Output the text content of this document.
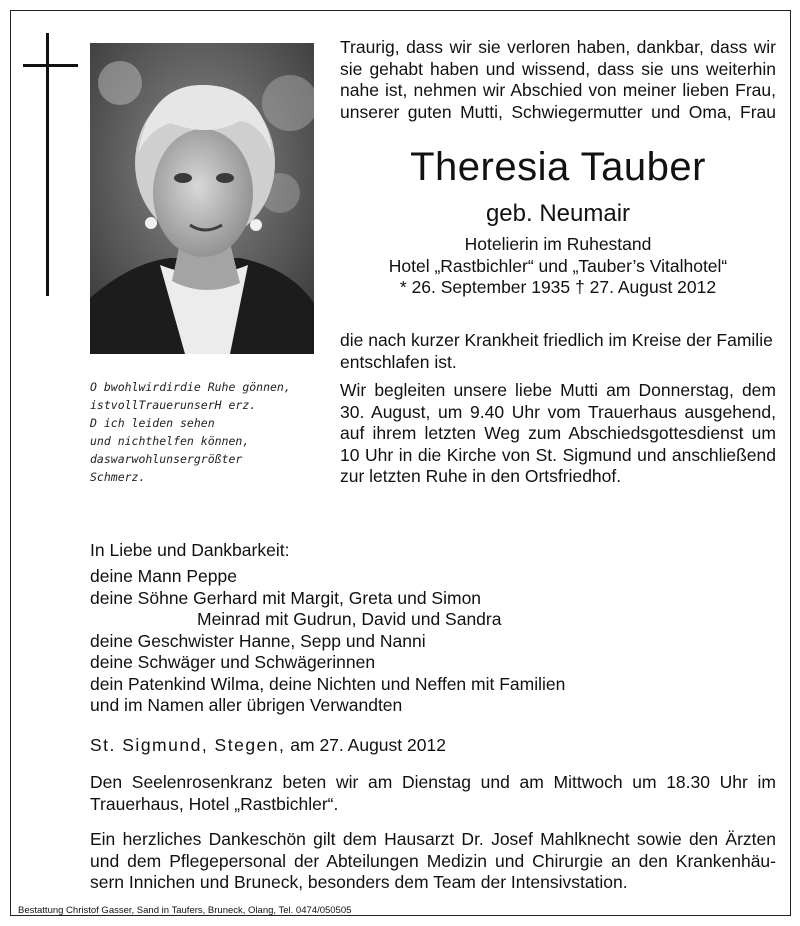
O bwohlwirdirdie Ruhe gönnen,
istvollTrauerunserH erz.
D ich leiden sehen
und nichthelfen können,
daswarwohlunsergrößter
Schmerz.
Traurig, dass wir sie verloren haben, dankbar, dass wir
sie gehabt haben und wissend, dass sie uns weiterhin
nahe ist, nehmen wir Abschied von meiner lieben Frau,
unserer guten Mutti, Schwiegermutter und Oma, Frau
Theresia Tauber
geb. Neumair
Hotelierin im Ruhestand
Hotel „Rastbichler“ und „Tauber’s Vitalhotel“
* 26. September 1935 † 27. August 2012
die nach kurzer Krankheit friedlich im Kreise der Familie
entschlafen ist.
Wir begleiten unsere liebe Mutti am Donnerstag, dem
30. August, um 9.40 Uhr vom Trauerhaus ausgehend,
auf ihrem letzten Weg zum Abschiedsgottesdienst um
10 Uhr in die Kirche von St. Sigmund und anschließend
zur letzten Ruhe in den Ortsfriedhof.
In Liebe und Dankbarkeit:
deine Mann Peppe
deine Söhne Gerhard mit Margit, Greta und Simon
Meinrad mit Gudrun, David und Sandra
deine Geschwister Hanne, Sepp und Nanni
deine Schwäger und Schwägerinnen
dein Patenkind Wilma, deine Nichten und Neffen mit Familien
und im Namen aller übrigen Verwandten
St. Sigmund, Stegen, am 27. August 2012
Den Seelenrosenkranz beten wir am Dienstag und am Mittwoch um 18.30 Uhr im
Trauerhaus, Hotel „Rastbichler“.
Ein herzliches Dankeschön gilt dem Hausarzt Dr. Josef Mahlknecht sowie den Ärzten
und dem Pflegepersonal der Abteilungen Medizin und Chirurgie an den Krankenhäu-
sern Innichen und Bruneck, besonders dem Team der Intensivstation.
Bestattung Christof Gasser, Sand in Taufers, Bruneck, Olang, Tel. 0474/050505
